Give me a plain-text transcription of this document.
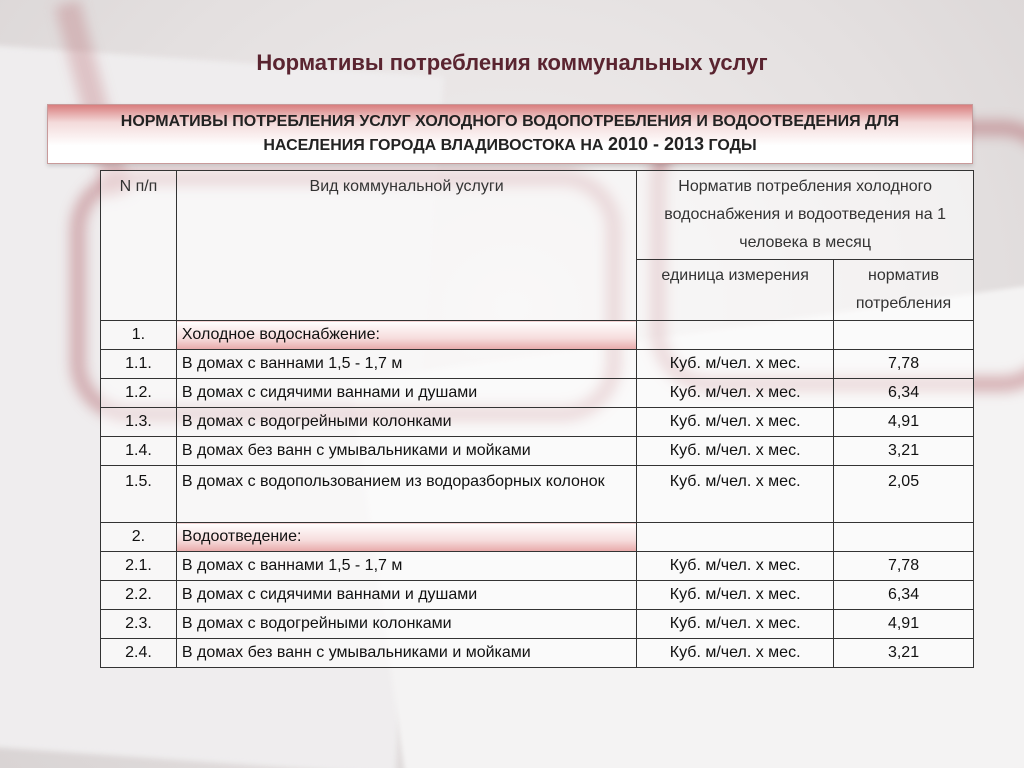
Нормативы потребления коммунальных услуг
НОРМАТИВЫ ПОТРЕБЛЕНИЯ УСЛУГ ХОЛОДНОГО ВОДОПОТРЕБЛЕНИЯ И ВОДООТВЕДЕНИЯ ДЛЯ
НАСЕЛЕНИЯ ГОРОДА ВЛАДИВОСТОКА НА 2010 - 2013 ГОДЫ
N п/п	Вид коммунальной услуги	Норматив потребления холодного водоснабжения и водоотведения на 1 человека в месяц	
		единица измерения	норматив потребления
1.	Холодное водоснабжение:		
1.1.	В домах с ваннами 1,5 - 1,7 м	Куб. м/чел. х мес.	7,78
1.2.	В домах с сидячими ваннами и душами	Куб. м/чел. х мес.	6,34
1.3.	В домах с водогрейными колонками	Куб. м/чел. х мес.	4,91
1.4.	В домах без ванн с умывальниками и мойками	Куб. м/чел. х мес.	3,21
1.5.	В домах с водопользованием из водоразборных колонок	Куб. м/чел. х мес.	2,05
2.	Водоотведение:		
2.1.	В домах с ваннами 1,5 - 1,7 м	Куб. м/чел. х мес.	7,78
2.2.	В домах с сидячими ваннами и душами	Куб. м/чел. х мес.	6,34
2.3.	В домах с водогрейными колонками	Куб. м/чел. х мес.	4,91
2.4.	В домах без ванн с умывальниками и мойками	Куб. м/чел. х мес.	3,21
